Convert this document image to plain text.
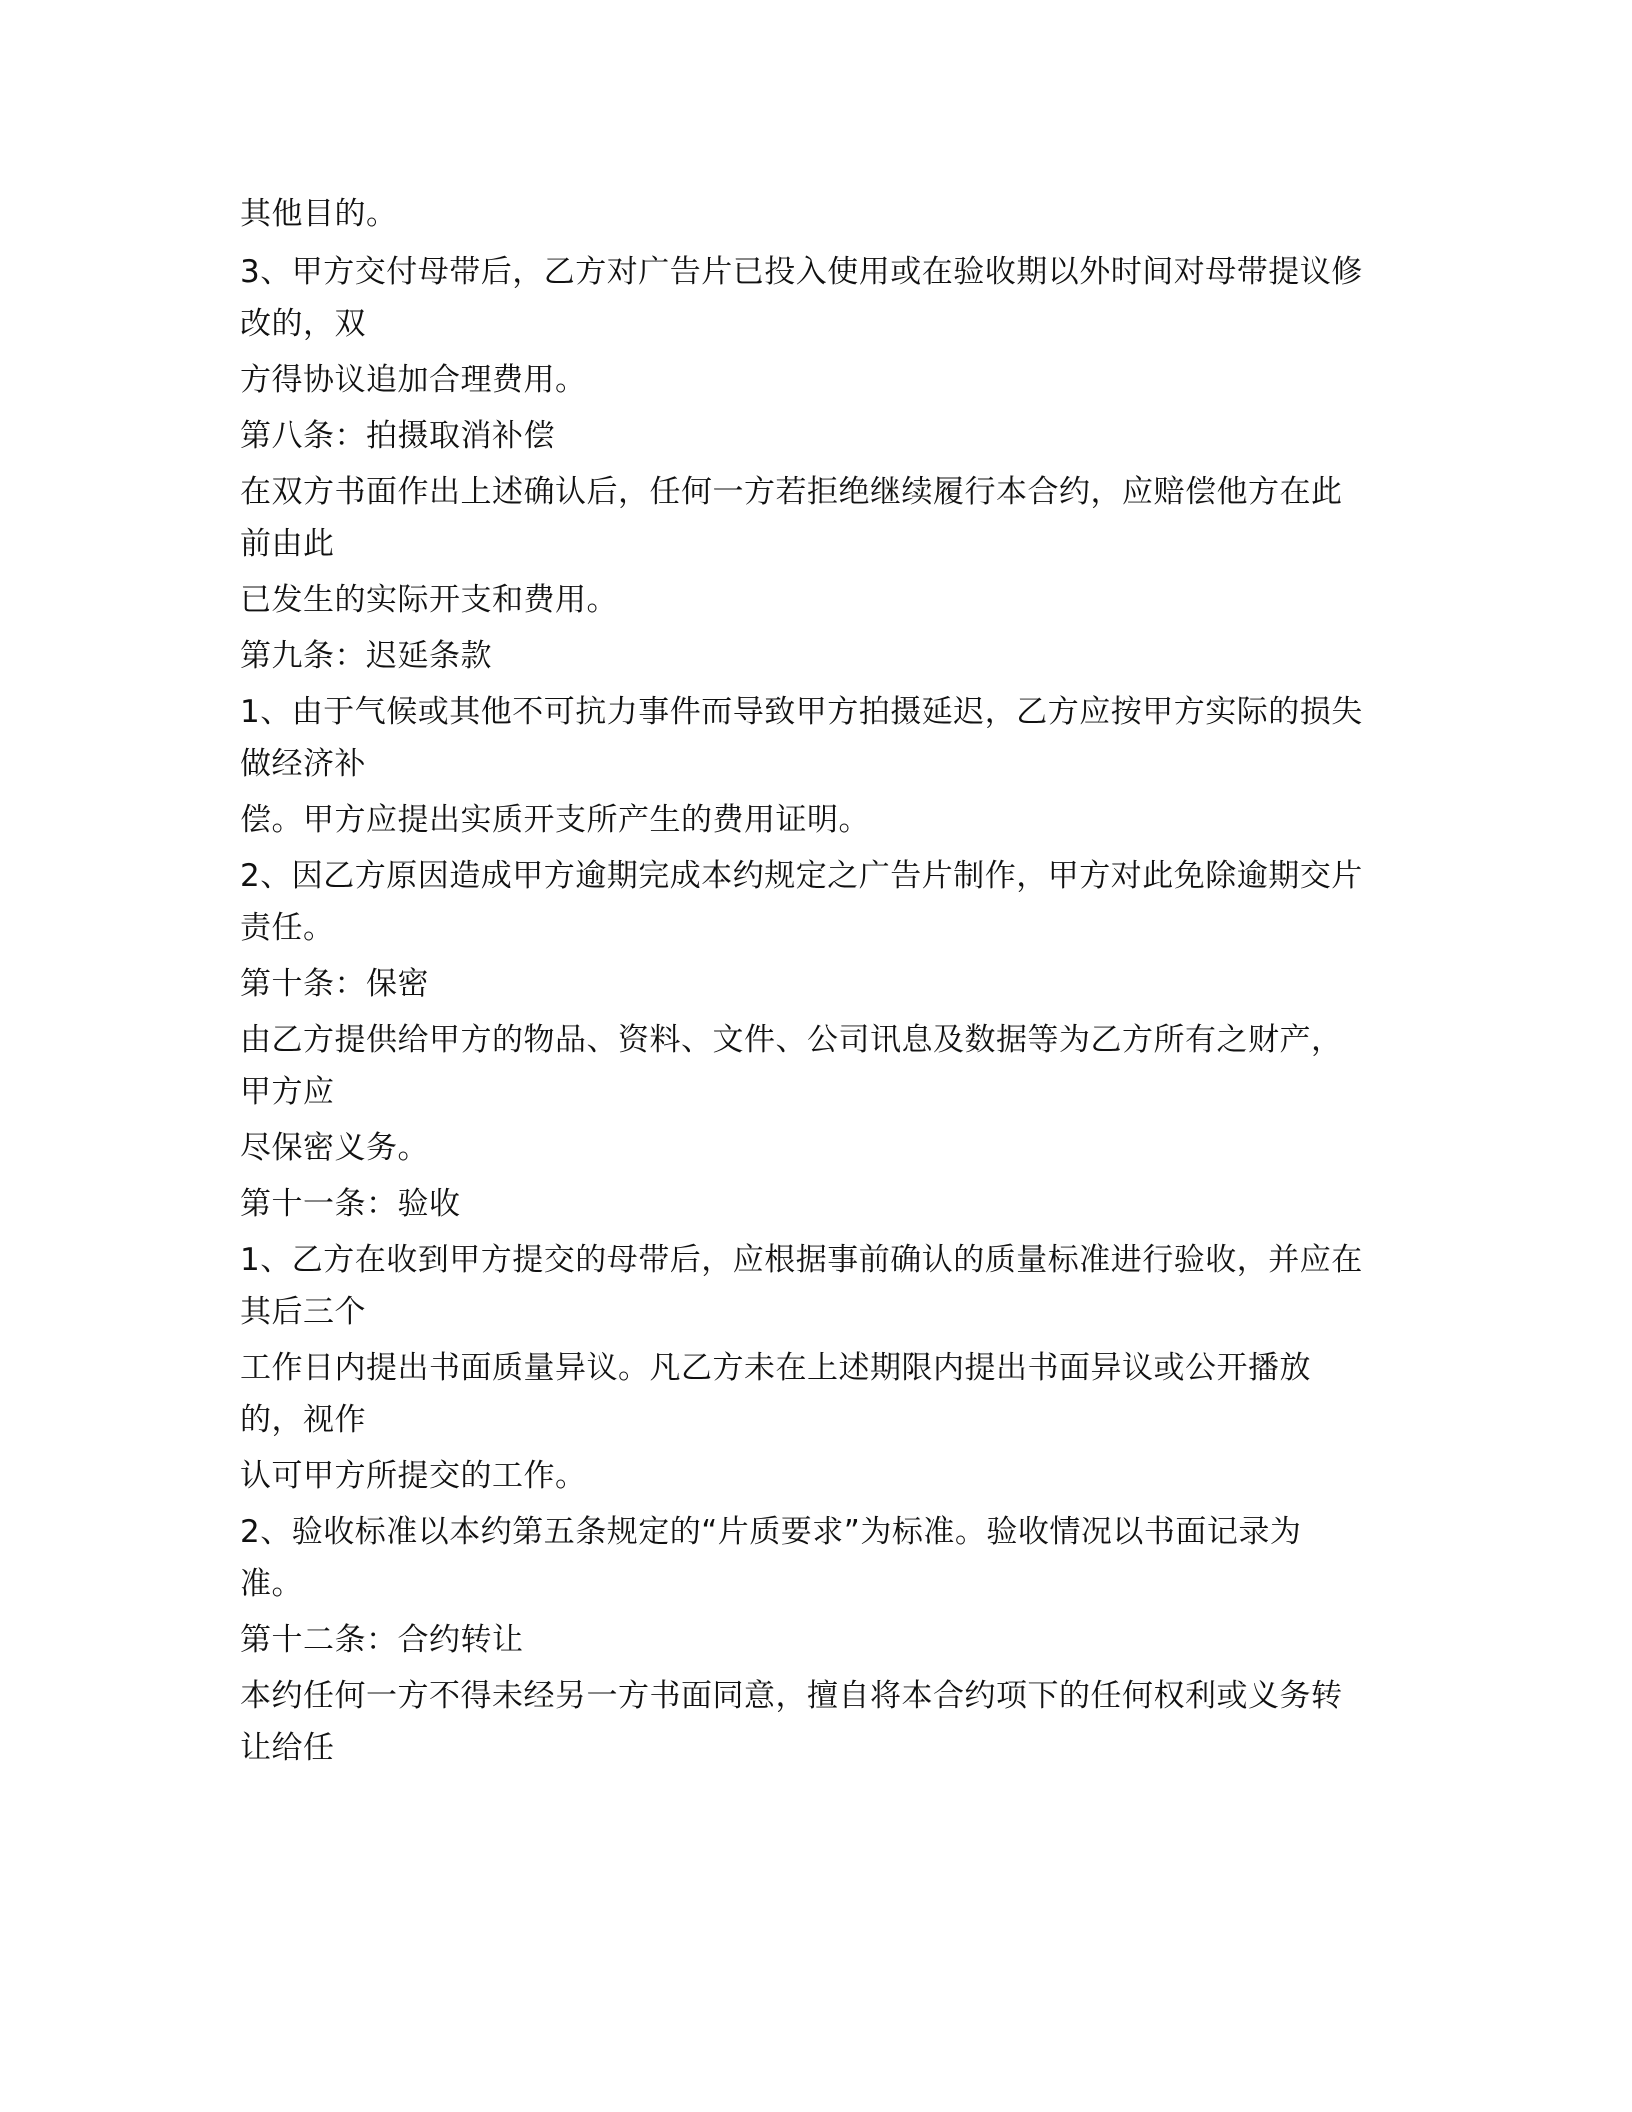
其他目的。
3、甲方交付母带后，乙方对广告片已投入使用或在验收期以外时间对母带提议修
改的，双
方得协议追加合理费用。
第八条：拍摄取消补偿
在双方书面作出上述确认后，任何一方若拒绝继续履行本合约，应赔偿他方在此
前由此
已发生的实际开支和费用。
第九条：迟延条款
1、由于气候或其他不可抗力事件而导致甲方拍摄延迟，乙方应按甲方实际的损失
做经济补
偿。甲方应提出实质开支所产生的费用证明。
2、因乙方原因造成甲方逾期完成本约规定之广告片制作，甲方对此免除逾期交片
责任。
第十条：保密
由乙方提供给甲方的物品、资料、文件、公司讯息及数据等为乙方所有之财产，
甲方应
尽保密义务。
第十一条：验收
1、乙方在收到甲方提交的母带后，应根据事前确认的质量标准进行验收，并应在
其后三个
工作日内提出书面质量异议。凡乙方未在上述期限内提出书面异议或公开播放
的，视作
认可甲方所提交的工作。
2、验收标准以本约第五条规定的“片质要求”为标准。验收情况以书面记录为
准。
第十二条：合约转让
本约任何一方不得未经另一方书面同意，擅自将本合约项下的任何权利或义务转
让给任
